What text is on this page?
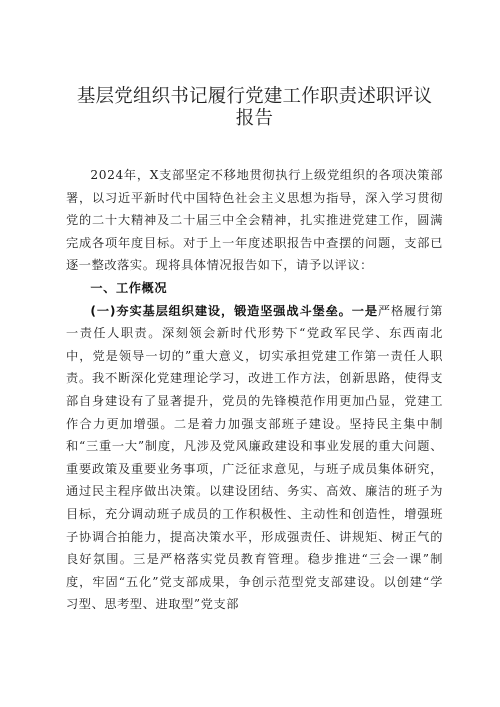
基层党组织书记履行党建工作职责述职评议报告

2024年，X支部坚定不移地贯彻执行上级党组织的各项决策部署，以习近平新时代中国特色社会主义思想为指导，深入学习贯彻党的二十大精神及二十届三中全会精神，扎实推进党建工作，圆满完成各项年度目标。对于上一年度述职报告中查摆的问题，支部已逐一整改落实。现将具体情况报告如下，请予以评议：

一、工作概况

(一)夯实基层组织建设，锻造坚强战斗堡垒。一是严格履行第一责任人职责。深刻领会新时代形势下“党政军民学、东西南北中，党是领导一切的”重大意义，切实承担党建工作第一责任人职责。我不断深化党建理论学习，改进工作方法，创新思路，使得支部自身建设有了显著提升，党员的先锋模范作用更加凸显，党建工作合力更加增强。二是着力加强支部班子建设。坚持民主集中制和“三重一大”制度，凡涉及党风廉政建设和事业发展的重大问题、重要政策及重要业务事项，广泛征求意见，与班子成员集体研究，通过民主程序做出决策。以建设团结、务实、高效、廉洁的班子为目标，充分调动班子成员的工作积极性、主动性和创造性，增强班子协调合拍能力，提高决策水平，形成强责任、讲规矩、树正气的良好氛围。三是严格落实党员教育管理。稳步推进“三会一课”制度，牢固“五化”党支部成果，争创示范型党支部建设。以创建“学习型、思考型、进取型”党支部
